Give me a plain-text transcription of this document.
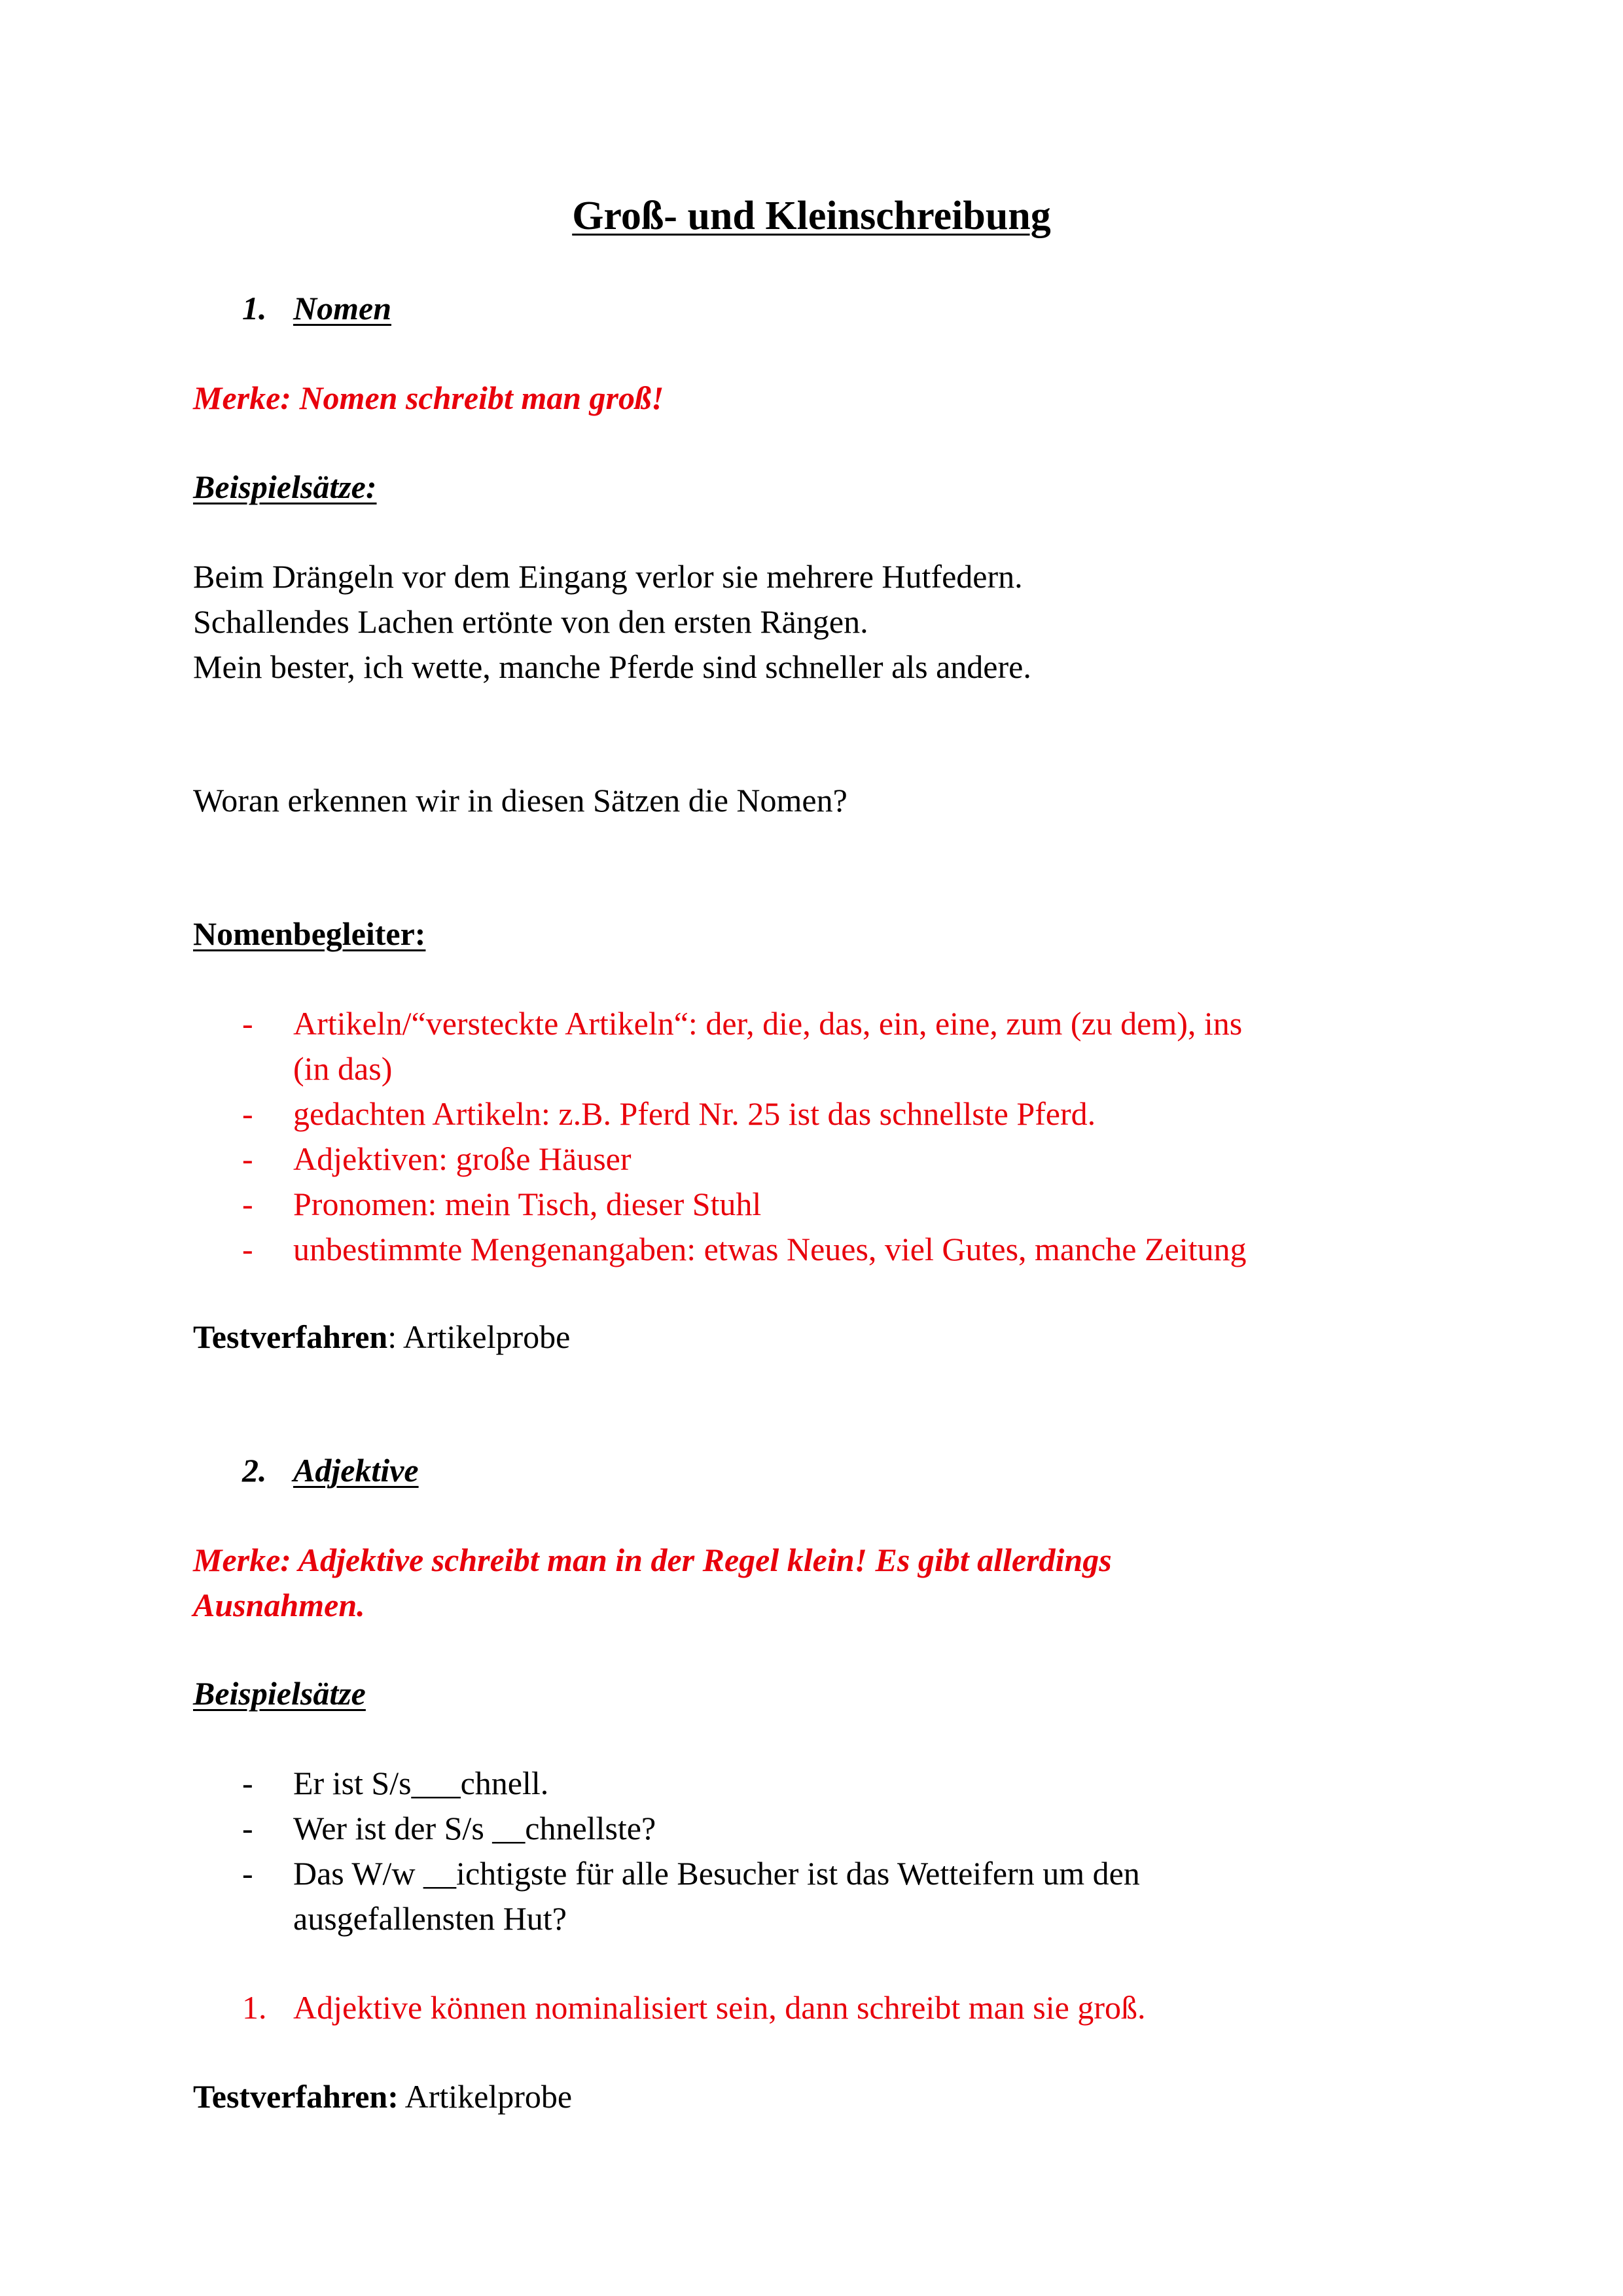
Groß- und Kleinschreibung
1. Nomen
Merke: Nomen schreibt man groß!
Beispielsätze:
Beim Drängeln vor dem Eingang verlor sie mehrere Hutfedern.
Schallendes Lachen ertönte von den ersten Rängen.
Mein bester, ich wette, manche Pferde sind schneller als andere.
Woran erkennen wir in diesen Sätzen die Nomen?
Nomenbegleiter:
- Artikeln/“versteckte Artikeln“: der, die, das, ein, eine, zum (zu dem), ins
(in das)
- gedachten Artikeln: z.B. Pferd Nr. 25 ist das schnellste Pferd.
- Adjektiven: große Häuser
- Pronomen: mein Tisch, dieser Stuhl
- unbestimmte Mengenangaben: etwas Neues, viel Gutes, manche Zeitung
Testverfahren: Artikelprobe
2. Adjektive
Merke: Adjektive schreibt man in der Regel klein! Es gibt allerdings
Ausnahmen.
Beispielsätze
- Er ist S/s___chnell.
- Wer ist der S/s __chnellste?
- Das W/w __ichtigste für alle Besucher ist das Wetteifern um den
ausgefallensten Hut?
1. Adjektive können nominalisiert sein, dann schreibt man sie groß.
Testverfahren: Artikelprobe
